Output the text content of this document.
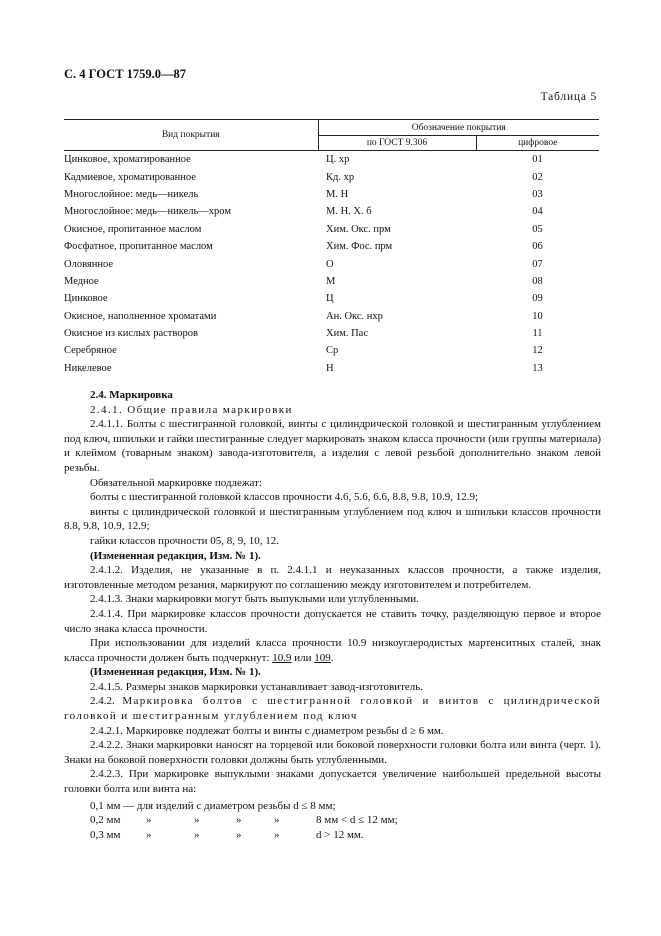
С. 4 ГОСТ 1759.0—87
Таблица 5
Вид покрытия	Обозначение покрытия	
	по ГОСТ 9.306	цифровое
Цинковое, хроматированное	Ц. хр	01
Кадмиевое, хроматированное	Кд. хр	02
Многослойное: медь—никель	М. Н	03
Многослойное: медь—никель—хром	М. Н. Х. б	04
Окисное, пропитанное маслом	Хим. Окс. прм	05
Фосфатное, пропитанное маслом	Хим. Фос. прм	06
Оловянное	О	07
Медное	М	08
Цинковое	Ц	09
Окисное, наполненное хроматами	Ан. Окс. нхр	10
Окисное из кислых растворов	Хим. Пас	11
Серебряное	Ср	12
Никелевое	Н	13

2.4. Маркировка

2.4.1. Общие правила маркировки

2.4.1.1. Болты с шестигранной головкой, винты с цилиндрической головкой и шестигранным углублением под ключ, шпильки и гайки шестигранные следует маркировать знаком класса прочности (или группы материала) и клеймом (товарным знаком) завода-изготовителя, а изделия с левой резьбой дополнительно знаком левой резьбы.

Обязательной маркировке подлежат:

болты с шестигранной головкой классов прочности 4.6, 5.6, 6.6, 8.8, 9.8, 10.9, 12.9;

винты с цилиндрической головкой и шестигранным углублением под ключ и шпильки классов прочности 8.8, 9.8, 10.9, 12.9;

гайки классов прочности 05, 8, 9, 10, 12.

(Измененная редакция, Изм. № 1).

2.4.1.2. Изделия, не указанные в п. 2.4.1.1 и неуказанных классов прочности, а также изделия, изготовленные методом резания, маркируют по соглашению между изготовителем и потребителем.

2.4.1.3. Знаки маркировки могут быть выпуклыми или углубленными.

2.4.1.4. При маркировке классов прочности допускается не ставить точку, разделяющую первое и второе число знака класса прочности.

При использовании для изделий класса прочности 10.9 низкоуглеродистых мартенситных сталей, знак класса прочности должен быть подчеркнут: 10.9 или 109.

(Измененная редакция, Изм. № 1).

2.4.1.5. Размеры знаков маркировки устанавливает завод-изготовитель.

2.4.2. Маркировка болтов с шестигранной головкой и винтов с цилиндрической головкой и шестигранным углублением под ключ

2.4.2.1. Маркировке подлежат болты и винты с диаметром резьбы d ≥ 6 мм.

2.4.2.2. Знаки маркировки наносят на торцевой или боковой поверхности головки болта или винта (черт. 1). Знаки на боковой поверхности головки должны быть углубленными.

2.4.2.3. При маркировке выпуклыми знаками допускается увеличение наибольшей предельной высоты головки болта или винта на:

0,1 мм — для изделий с диаметром резьбы d ≤ 8 мм;
0,2 мм »	»	»	»	8 мм < d ≤ 12 мм;
0,3 мм »	»	»	»	d > 12 мм.
